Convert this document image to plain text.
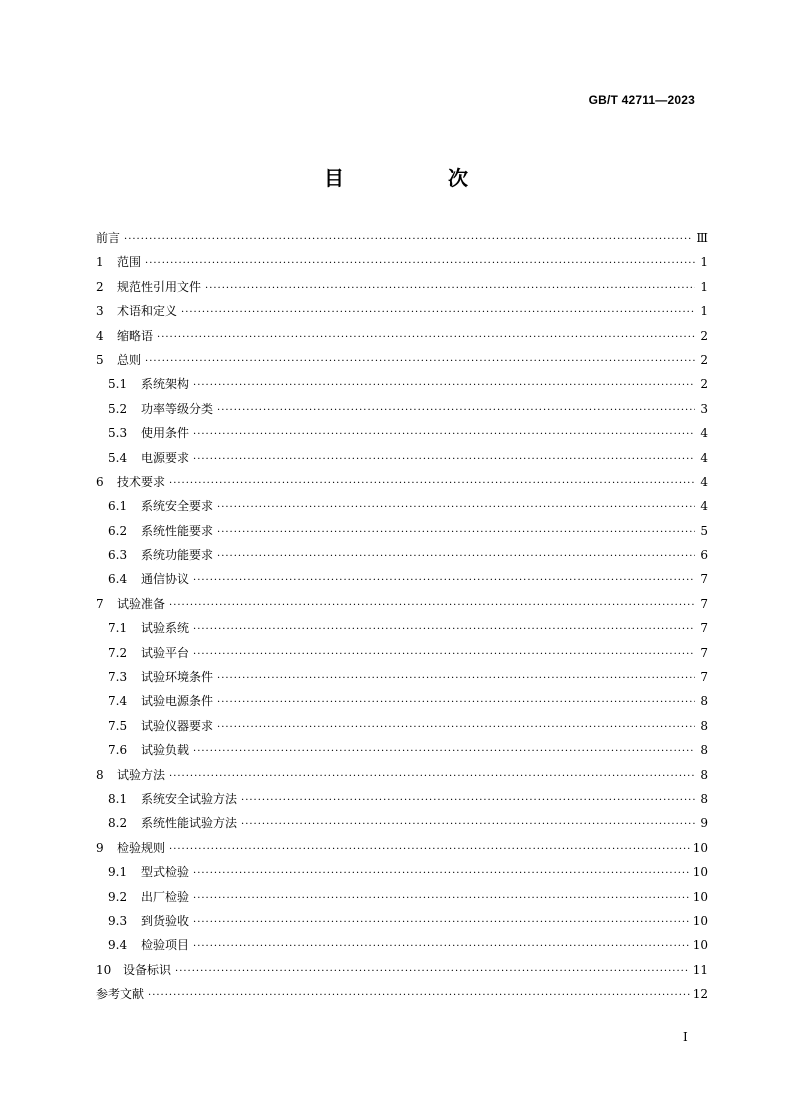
GB/T 42711—2023
目　次
前言 ·····	Ⅲ
1	范围 ·····	1
2	规范性引用文件 ·····	1
3	术语和定义 ·····	1
4	缩略语 ·····	2
5	总则 ·····	2
5.1	系统架构 ·····	2
5.2	功率等级分类 ·····	3
5.3	使用条件 ·····	4
5.4	电源要求 ·····	4
6	技术要求 ·····	4
6.1	系统安全要求 ·····	4
6.2	系统性能要求 ·····	5
6.3	系统功能要求 ·····	6
6.4	通信协议 ·····	7
7	试验准备 ·····	7
7.1	试验系统 ·····	7
7.2	试验平台 ·····	7
7.3	试验环境条件 ·····	7
7.4	试验电源条件 ·····	8
7.5	试验仪器要求 ·····	8
7.6	试验负载 ·····	8
8	试验方法 ·····	8
8.1	系统安全试验方法 ·····	8
8.2	系统性能试验方法 ·····	9
9	检验规则 ·····	10
9.1	型式检验 ·····	10
9.2	出厂检验 ·····	10
9.3	到货验收 ·····	10
9.4	检验项目 ·····	10
10 设备标识 ·····	11
参考文献 ·····	12
Ⅰ
